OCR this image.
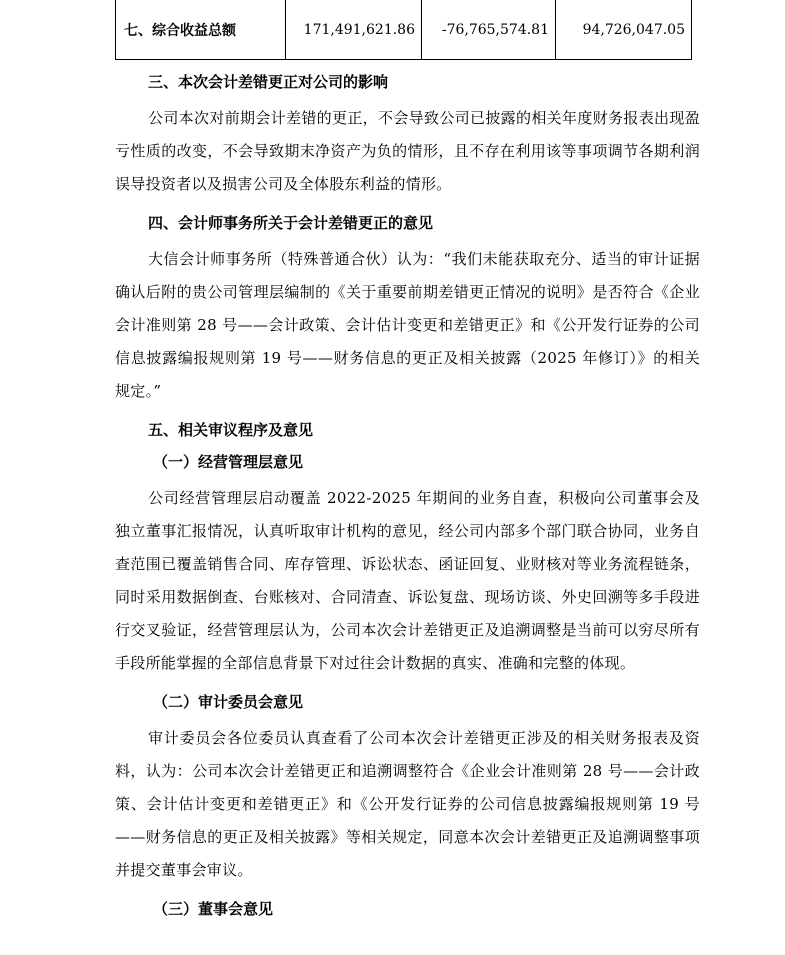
七、综合收益总额	171,491,621.86	-76,765,574.81	94,726,047.05
三、本次会计差错更正对公司的影响

公司本次对前期会计差错的更正，不会导致公司已披露的相关年度财务报表出现盈亏性质的改变，不会导致期末净资产为负的情形，且不存在利用该等事项调节各期利润误导投资者以及损害公司及全体股东利益的情形。

四、会计师事务所关于会计差错更正的意见

大信会计师事务所（特殊普通合伙）认为：“我们未能获取充分、适当的审计证据确认后附的贵公司管理层编制的《关于重要前期差错更正情况的说明》是否符合《企业会计准则第 28 号——会计政策、会计估计变更和差错更正》和《公开发行证券的公司信息披露编报规则第 19 号——财务信息的更正及相关披露（2025 年修订）》的相关规定。”

五、相关审议程序及意见
（一）经营管理层意见

公司经营管理层启动覆盖 2022-2025 年期间的业务自查，积极向公司董事会及独立董事汇报情况，认真听取审计机构的意见，经公司内部多个部门联合协同，业务自查范围已覆盖销售合同、库存管理、诉讼状态、函证回复、业财核对等业务流程链条，同时采用数据倒查、台账核对、合同清查、诉讼复盘、现场访谈、外史回溯等多手段进行交叉验证，经营管理层认为，公司本次会计差错更正及追溯调整是当前可以穷尽所有手段所能掌握的全部信息背景下对过往会计数据的真实、准确和完整的体现。

（二）审计委员会意见

审计委员会各位委员认真查看了公司本次会计差错更正涉及的相关财务报表及资料，认为：公司本次会计差错更正和追溯调整符合《企业会计准则第 28 号——会计政策、会计估计变更和差错更正》和《公开发行证券的公司信息披露编报规则第 19 号——财务信息的更正及相关披露》等相关规定，同意本次会计差错更正及追溯调整事项并提交董事会审议。

（三）董事会意见
